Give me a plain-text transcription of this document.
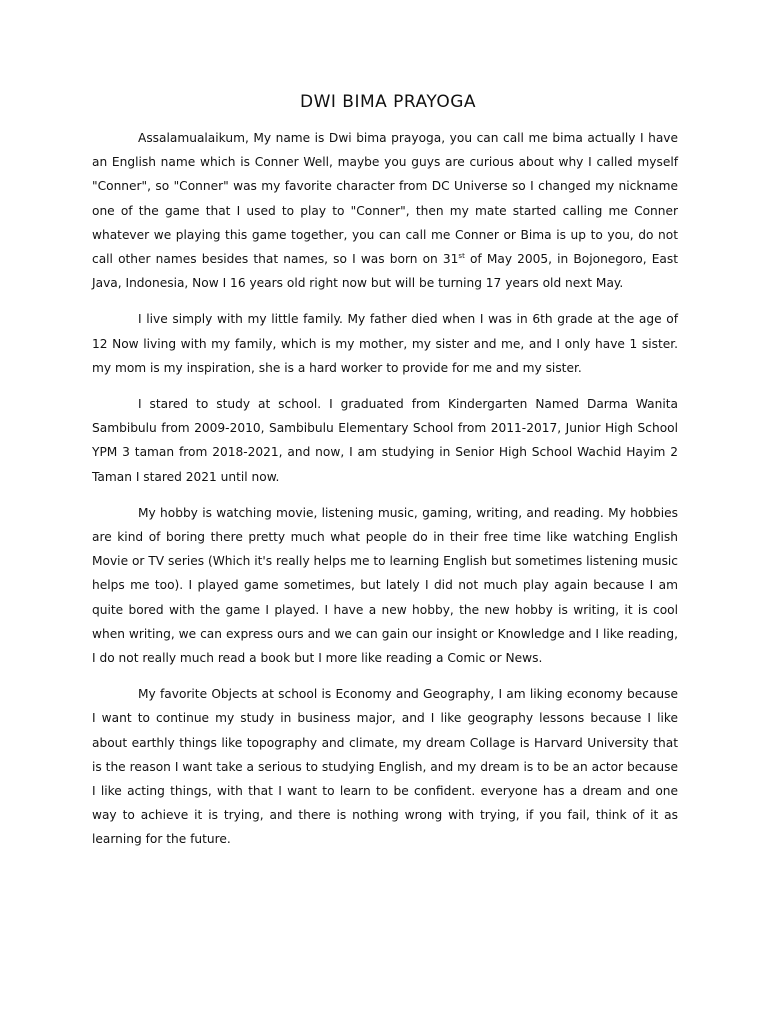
DWI BIMA PRAYOGA

Assalamualaikum, My name is Dwi bima prayoga, you can call me bima actually I have an English name which is Conner Well, maybe you guys are curious about why I called myself "Conner", so "Conner" was my favorite character from DC Universe so I changed my nickname one of the game that I used to play to "Conner", then my mate started calling me Conner whatever we playing this game together, you can call me Conner or Bima is up to you, do not call other names besides that names, so I was born on 31st of May 2005, in Bojonegoro, East Java, Indonesia, Now I 16 years old right now but will be turning 17 years old next May.

I live simply with my little family. My father died when I was in 6th grade at the age of 12 Now living with my family, which is my mother, my sister and me, and I only have 1 sister. my mom is my inspiration, she is a hard worker to provide for me and my sister.

I stared to study at school. I graduated from Kindergarten Named Darma Wanita Sambibulu from 2009-2010, Sambibulu Elementary School from 2011-2017, Junior High School YPM 3 taman from 2018-2021, and now, I am studying in Senior High School Wachid Hayim 2 Taman I stared 2021 until now.

My hobby is watching movie, listening music, gaming, writing, and reading. My hobbies are kind of boring there pretty much what people do in their free time like watching English Movie or TV series (Which it's really helps me to learning English but sometimes listening music helps me too). I played game sometimes, but lately I did not much play again because I am quite bored with the game I played. I have a new hobby, the new hobby is writing, it is cool when writing, we can express ours and we can gain our insight or Knowledge and I like reading, I do not really much read a book but I more like reading a Comic or News.

My favorite Objects at school is Economy and Geography, I am liking economy because I want to continue my study in business major, and I like geography lessons because I like about earthly things like topography and climate, my dream Collage is Harvard University that is the reason I want take a serious to studying English, and my dream is to be an actor because I like acting things, with that I want to learn to be confident. everyone has a dream and one way to achieve it is trying, and there is nothing wrong with trying, if you fail, think of it as learning for the future.
